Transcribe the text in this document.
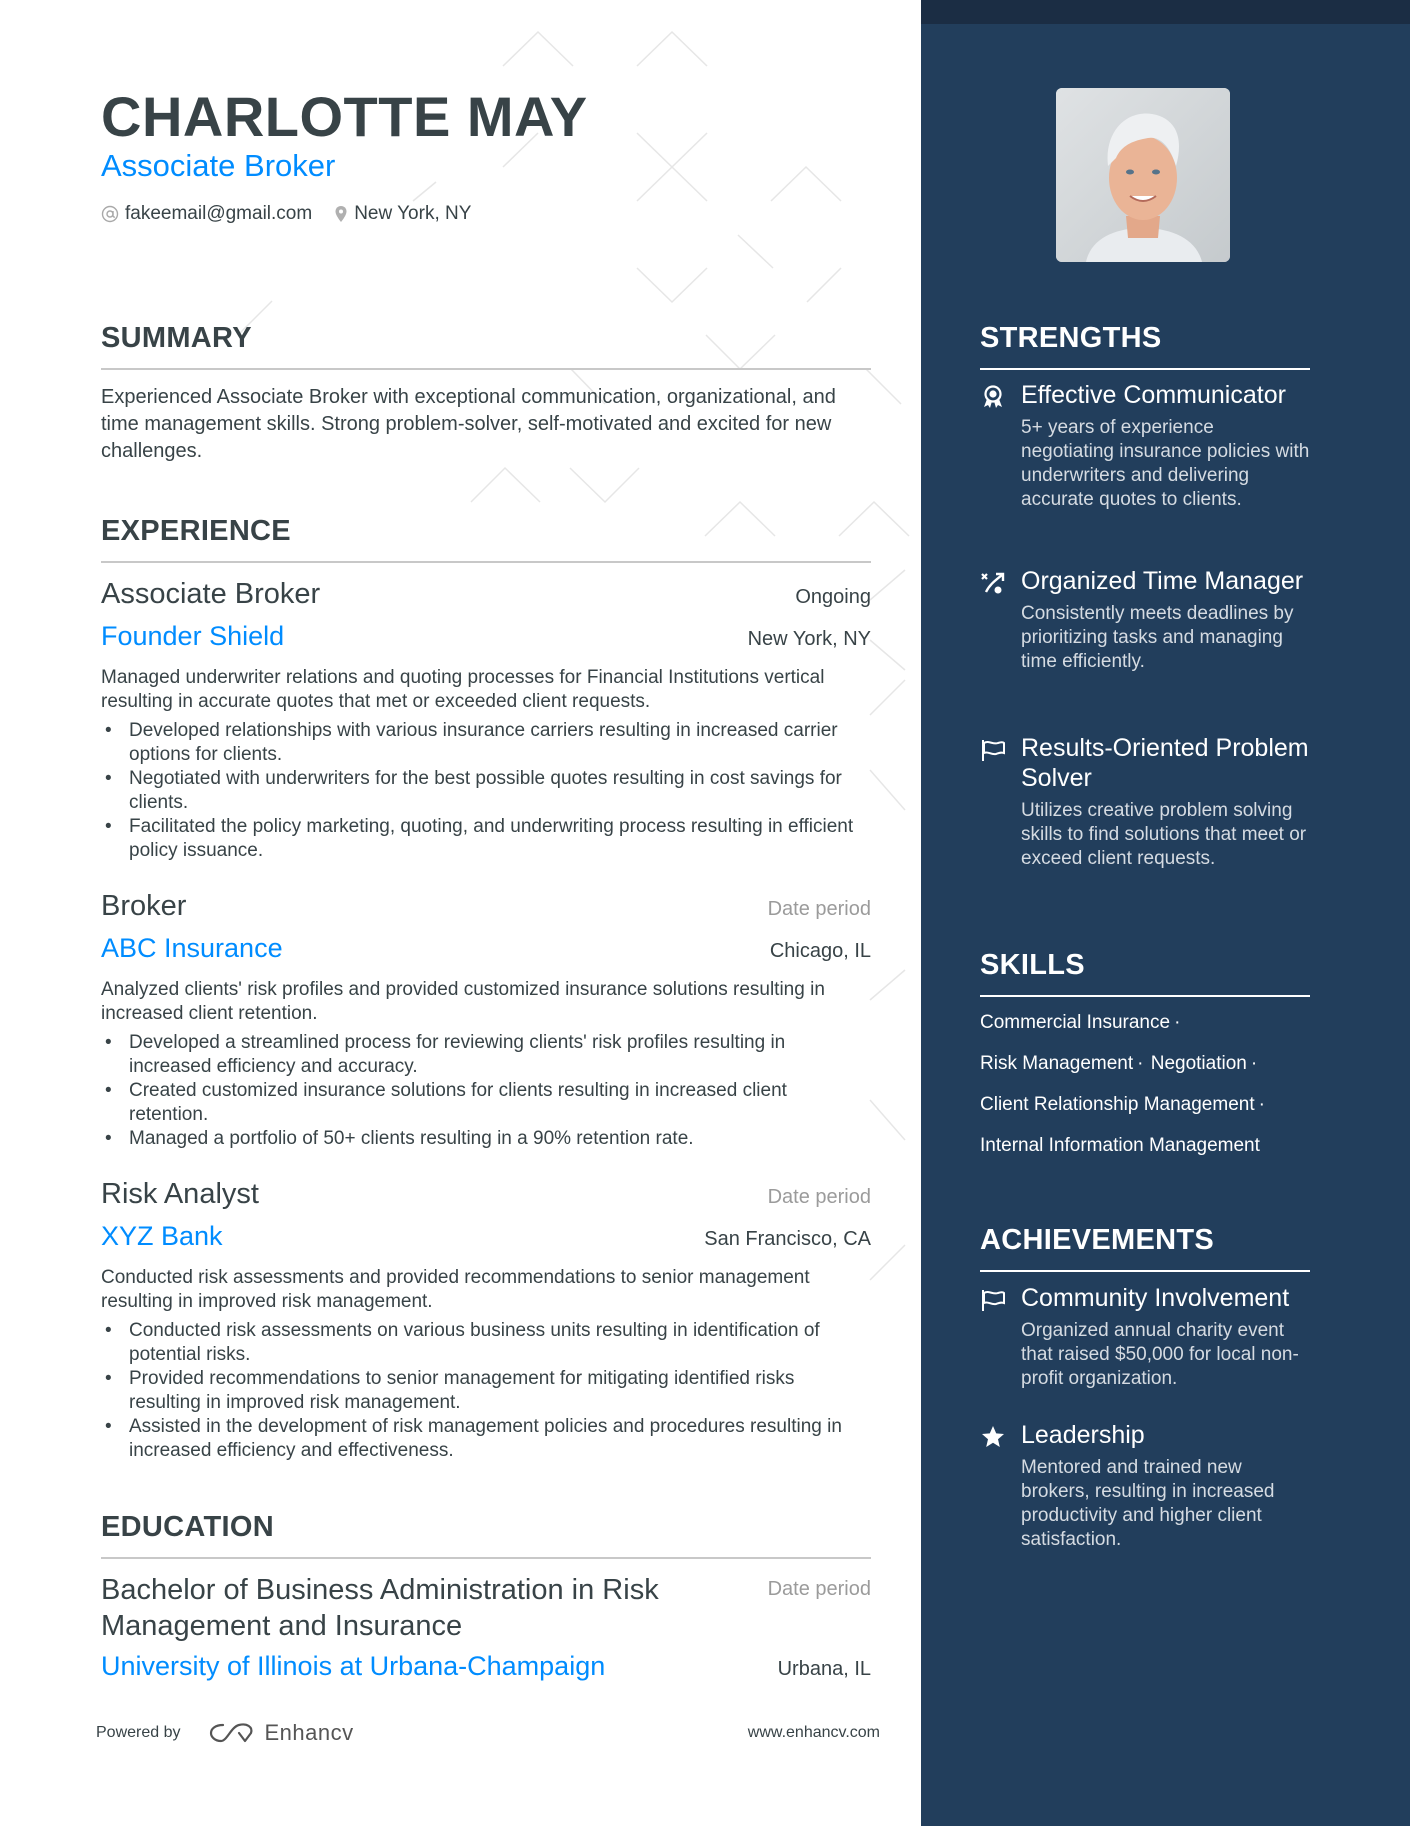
CHARLOTTE MAY
Associate Broker
fakeemail@gmail.com New York, NY
SUMMARY

Experienced Associate Broker with exceptional communication, organizational, and time management skills. Strong problem-solver, self-motivated and excited for new challenges.

EXPERIENCE
Associate Broker	Ongoing
Founder Shield	New York, NY

Managed underwriter relations and quoting processes for Financial Institutions vertical resulting in accurate quotes that met or exceeded client requests.

• Developed relationships with various insurance carriers resulting in increased carrier options for clients.
• Negotiated with underwriters for the best possible quotes resulting in cost savings for clients.
• Facilitated the policy marketing, quoting, and underwriting process resulting in efficient policy issuance.
Broker	Date period
ABC Insurance	Chicago, IL

Analyzed clients' risk profiles and provided customized insurance solutions resulting in increased client retention.

• Developed a streamlined process for reviewing clients' risk profiles resulting in increased efficiency and accuracy.
• Created customized insurance solutions for clients resulting in increased client retention.
• Managed a portfolio of 50+ clients resulting in a 90% retention rate.
Risk Analyst	Date period
XYZ Bank	San Francisco, CA

Conducted risk assessments and provided recommendations to senior management resulting in improved risk management.

• Conducted risk assessments on various business units resulting in identification of potential risks.
• Provided recommendations to senior management for mitigating identified risks resulting in improved risk management.
• Assisted in the development of risk management policies and procedures resulting in increased efficiency and effectiveness.
EDUCATION
Bachelor of Business Administration in Risk Management and Insurance
Date period
University of Illinois at Urbana-Champaign	Urbana, IL
Powered by	Enhancv	www.enhancv.com
STRENGTHS
Effective Communicator

5+ years of experience negotiating insurance policies with underwriters and delivering accurate quotes to clients.

Organized Time Manager

Consistently meets deadlines by prioritizing tasks and managing time efficiently.

Results-Oriented Problem Solver

Utilizes creative problem solving skills to find solutions that meet or exceed client requests.

SKILLS
Commercial Insurance ·
Risk Management · Negotiation ·
Client Relationship Management ·
Internal Information Management
ACHIEVEMENTS
Community Involvement

Organized annual charity event that raised $50,000 for local non-profit organization.

Leadership

Mentored and trained new brokers, resulting in increased productivity and higher client satisfaction.
